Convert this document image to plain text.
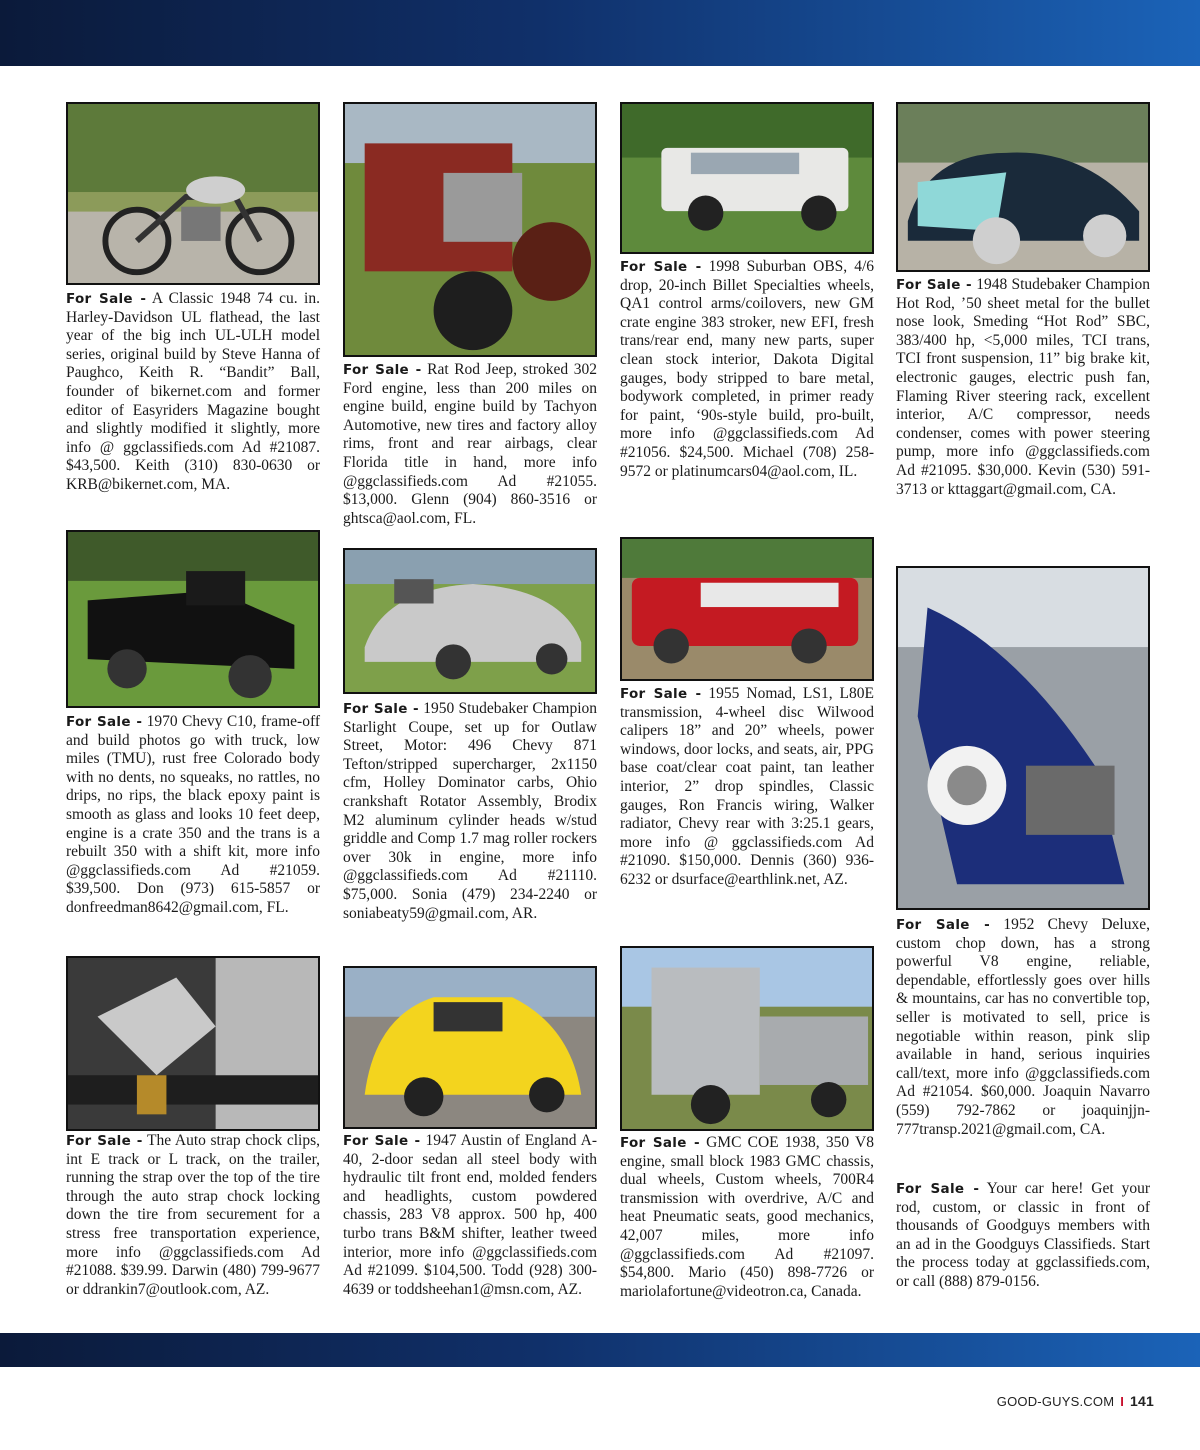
For Sale - A Classic 1948 74 cu. in. Harley-Davidson UL flathead, the last year of the big inch UL-ULH model series, original build by Steve Hanna of Paughco, Keith R. “Bandit” Ball, founder of bikernet.com and former editor of Easyriders Magazine bought and slightly modified it slightly, more info @ ggclassifieds.com Ad #21087. $43,500. Keith (310) 830-0630 or KRB@bikernet.com, MA.

For Sale - Rat Rod Jeep, stroked 302 Ford engine, less than 200 miles on engine build, engine build by Tachyon Automotive, new tires and factory alloy rims, front and rear airbags, clear Florida title in hand, more info @ggclassifieds.com Ad #21055. $13,000. Glenn (904) 860-3516 or ghtsca@aol.com, FL.

For Sale - 1998 Suburban OBS, 4/6 drop, 20-inch Billet Specialties wheels, QA1 control arms/coilovers, new GM crate engine 383 stroker, new EFI, fresh trans/rear end, many new parts, super clean stock interior, Dakota Digital gauges, body stripped to bare metal, bodywork completed, in primer ready for paint, ‘90s-style build, pro-built, more info @ggclassifieds.com Ad #21056. $24,500. Michael (708) 258-9572 or platinumcars04@aol.com, IL.

For Sale - 1948 Studebaker Champion Hot Rod, ’50 sheet metal for the bullet nose look, Smeding “Hot Rod” SBC, 383/400 hp, <5,000 miles, TCI trans, TCI front suspension, 11” big brake kit, electronic gauges, electric push fan, Flaming River steering rack, excellent interior, A/C compressor, needs condenser, comes with power steering pump, more info @ggclassifieds.com Ad #21095. $30,000. Kevin (530) 591-3713 or kttaggart@gmail.com, CA.

For Sale - 1970 Chevy C10, frame-off and build photos go with truck, low miles (TMU), rust free Colorado body with no dents, no squeaks, no rattles, no drips, no rips, the black epoxy paint is smooth as glass and looks 10 feet deep, engine is a crate 350 and the trans is a rebuilt 350 with a shift kit, more info @ggclassifieds.com Ad #21059. $39,500. Don (973) 615-5857 or donfreedman8642@gmail.com, FL.

For Sale - 1950 Studebaker Champion Starlight Coupe, set up for Outlaw Street, Motor: 496 Chevy 871 Tefton/stripped supercharger, 2x1150 cfm, Holley Dominator carbs, Ohio crankshaft Rotator Assembly, Brodix M2 aluminum cylinder heads w/stud griddle and Comp 1.7 mag roller rockers over 30k in engine, more info @ggclassifieds.com Ad #21110. $75,000. Sonia (479) 234-2240 or soniabeaty59@gmail.com, AR.

For Sale - 1955 Nomad, LS1, L80E transmission, 4-wheel disc Wilwood calipers 18” and 20” wheels, power windows, door locks, and seats, air, PPG base coat/clear coat paint, tan leather interior, 2” drop spindles, Classic gauges, Ron Francis wiring, Walker radiator, Chevy rear with 3:25.1 gears, more info @ ggclassifieds.com Ad #21090. $150,000. Dennis (360) 936-6232 or dsurface@earthlink.net, AZ.

For Sale - 1952 Chevy Deluxe, custom chop down, has a strong powerful V8 engine, reliable, dependable, effortlessly goes over hills & mountains, car has no convertible top, seller is motivated to sell, price is negotiable within reason, pink slip available in hand, serious inquiries call/text, more info @ggclassifieds.com Ad #21054. $60,000. Joaquin Navarro (559) 792-7862 or joaquinjjn-777transp.2021@gmail.com, CA.

For Sale - The Auto strap chock clips, int E track or L track, on the trailer, running the strap over the top of the tire through the auto strap chock locking down the tire from securement for a stress free transportation experience, more info @ggclassifieds.com Ad #21088. $39.99. Darwin (480) 799-9677 or ddrankin7@outlook.com, AZ.

For Sale - 1947 Austin of England A-40, 2-door sedan all steel body with hydraulic tilt front end, molded fenders and headlights, custom powdered chassis, 283 V8 approx. 500 hp, 400 turbo trans B&M shifter, leather tweed interior, more info @ggclassifieds.com Ad #21099. $104,500. Todd (928) 300-4639 or toddsheehan1@msn.com, AZ.

For Sale - GMC COE 1938, 350 V8 engine, small block 1983 GMC chassis, dual wheels, Custom wheels, 700R4 transmission with overdrive, A/C and heat Pneumatic seats, good mechanics, 42,007 miles, more info @ggclassifieds.com Ad #21097. $54,800. Mario (450) 898-7726 or mariolafortune@videotron.ca, Canada.

For Sale - Your car here! Get your rod, custom, or classic in front of thousands of Goodguys members with an ad in the Goodguys Classifieds. Start the process today at ggclassifieds.com, or call (888) 879-0156.

GOOD-GUYS.COM I 141
